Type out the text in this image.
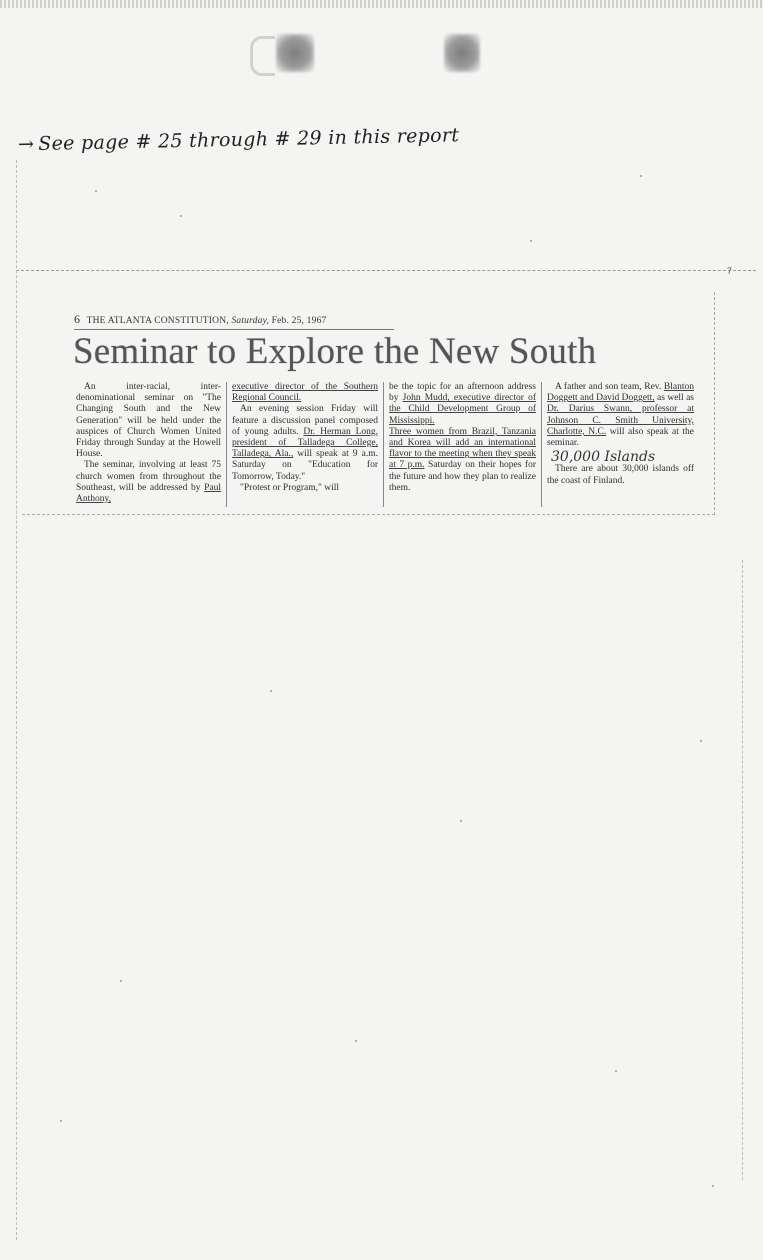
→ See page # 25 through # 29 in this report
7
6 THE ATLANTA CONSTITUTION, Saturday, Feb. 25, 1967
Seminar to Explore the New South

An inter-racial, inter-denominational seminar on "The Changing South and the New Generation" will be held under the auspices of Church Women United Friday through Sunday at the Howell House.

The seminar, involving at least 75 church women from throughout the Southeast, will be addressed by Paul Anthony,

executive director of the Southern Regional Council.

An evening session Friday will feature a discussion panel composed of young adults. Dr. Herman Long, president of Talladega College, Talladega, Ala., will speak at 9 a.m. Saturday on "Education for Tomorrow, Today."

"Protest or Program," will

be the topic for an afternoon address by John Mudd, executive director of the Child Development Group of Mississippi.

Three women from Brazil, Tanzania and Korea will add an international flavor to the meeting when they speak at 7 p.m. Saturday on their hopes for the future and how they plan to realize them.

A father and son team, Rev. Blanton Doggett and David Doggett, as well as Dr. Darius Swann, professor at Johnson C. Smith University, Charlotte, N.C. will also speak at the seminar.

30,000 Islands

There are about 30,000 islands off the coast of Finland.
